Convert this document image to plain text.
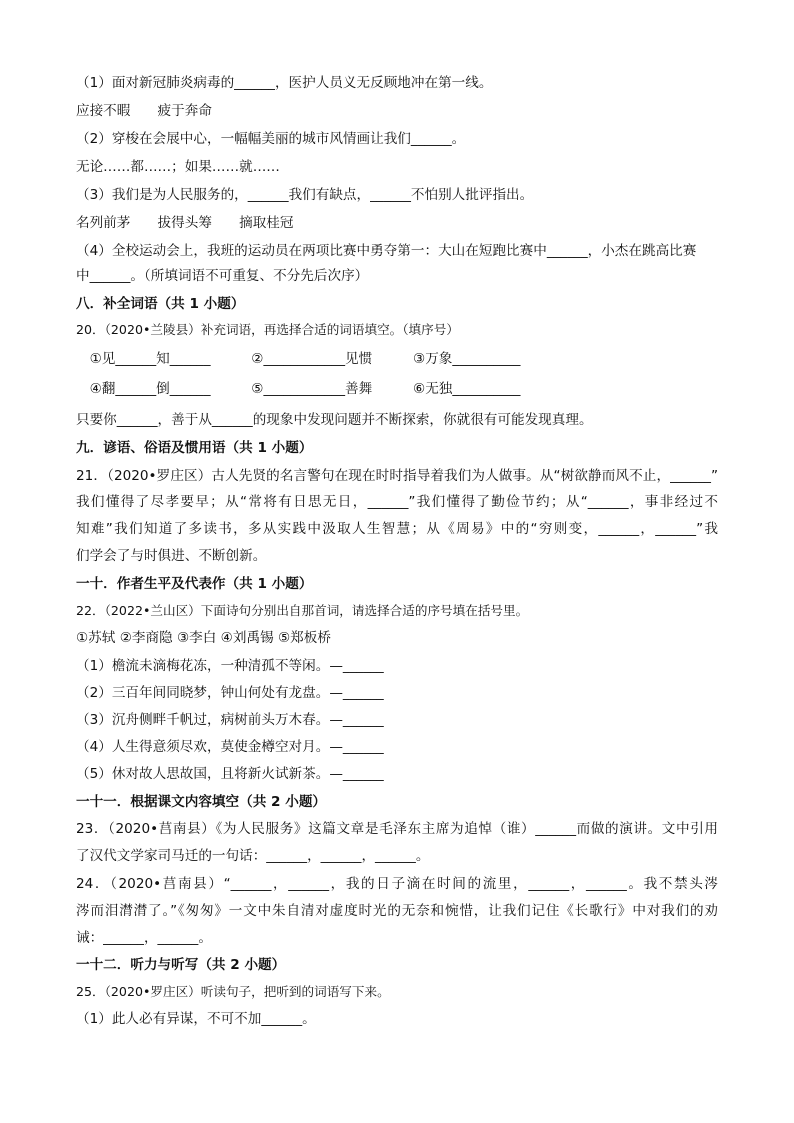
（1）面对新冠肺炎病毒的______，医护人员义无反顾地冲在第一线。
应接不暇　　疲于奔命
（2）穿梭在会展中心，一幅幅美丽的城市风情画让我们______。
无论……都……；如果……就……
（3）我们是为人民服务的，______我们有缺点，______不怕别人批评指出。
名列前茅　　拔得头筹　　摘取桂冠
（4）全校运动会上，我班的运动员在两项比赛中勇夺第一：大山在短跑比赛中______，小杰在跳高比赛
中______。（所填词语不可重复、不分先后次序）
八．补全词语（共 1 小题）
20．（2020•兰陵县）补充词语，再选择合适的词语填空。（填序号）
　①见______知______　　　②____________见惯　　　③万象__________
　④翻______倒______　　　⑤____________善舞　　　⑥无独__________
只要你______，善于从______的现象中发现问题并不断探索，你就很有可能发现真理。
九．谚语、俗语及惯用语（共 1 小题）
21．（2020•罗庄区）古人先贤的名言警句在现在时时指导着我们为人做事。从“树欲静而风不止，______”
我们懂得了尽孝要早；从“常将有日思无日，______”我们懂得了勤俭节约；从“______，事非经过不
知难”我们知道了多读书，多从实践中汲取人生智慧；从《周易》中的“穷则变，______，______”我
们学会了与时俱进、不断创新。
一十．作者生平及代表作（共 1 小题）
22．（2022•兰山区）下面诗句分别出自那首词，请选择合适的序号填在括号里。
①苏轼 ②李商隐 ③李白 ④刘禹锡 ⑤郑板桥
（1）檐流未滴梅花冻，一种清孤不等闲。—______
（2）三百年间同晓梦，钟山何处有龙盘。—______
（3）沉舟侧畔千帆过，病树前头万木春。—______
（4）人生得意须尽欢，莫使金樽空对月。—______
（5）休对故人思故国，且将新火试新茶。—______
一十一．根据课文内容填空（共 2 小题）
23．（2020•莒南县）《为人民服务》这篇文章是毛泽东主席为追悼（谁）______而做的演讲。文中引用
了汉代文学家司马迁的一句话：______，______，______。
24．（2020•莒南县）“______，______，我的日子滴在时间的流里，______，______。我不禁头涔
涔而泪潸潸了。”《匆匆》一文中朱自清对虚度时光的无奈和惋惜，让我们记住《长歌行》中对我们的劝
诫：______，______。
一十二．听力与听写（共 2 小题）
25．（2020•罗庄区）听读句子，把听到的词语写下来。
（1）此人必有异谋，不可不加______。
